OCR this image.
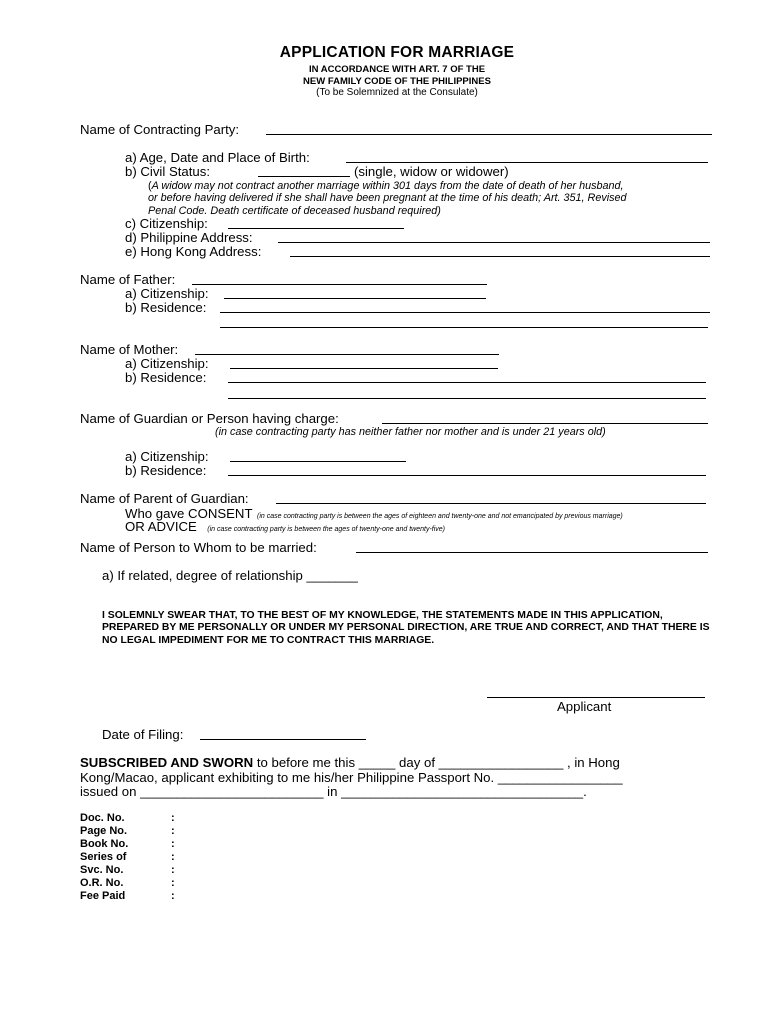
APPLICATION FOR MARRIAGE
IN ACCORDANCE WITH ART. 7 OF THE
NEW FAMILY CODE OF THE PHILIPPINES
(To be Solemnized at the Consulate)
Name of Contracting Party:
a) Age, Date and Place of Birth:
b) Civil Status:	(single, widow or widower)
(A widow may not contract another marriage within 301 days from the date of death of her husband,
or before having delivered if she shall have been pregnant at the time of his death; Art. 351, Revised
Penal Code. Death certificate of deceased husband required)
c) Citizenship:
d) Philippine Address:
e) Hong Kong Address:
Name of Father:
a) Citizenship:
b) Residence:
Name of Mother:
a) Citizenship:
b) Residence:
Name of Guardian or Person having charge:
(in case contracting party has neither father nor mother and is under 21 years old)
a) Citizenship:
b) Residence:
Name of Parent of Guardian:
Who gave CONSENT (in case contracting party is between the ages of eighteen and twenty-one and not emancipated by previous marriage)
OR ADVICE (in case contracting party is between the ages of twenty-one and twenty-five)
Name of Person to Whom to be married:
a) If related, degree of relationship _______
I SOLEMNLY SWEAR THAT, TO THE BEST OF MY KNOWLEDGE, THE STATEMENTS MADE IN THIS APPLICATION, PREPARED BY ME PERSONALLY OR UNDER MY PERSONAL DIRECTION, ARE TRUE AND CORRECT, AND THAT THERE IS NO LEGAL IMPEDIMENT FOR ME TO CONTRACT THIS MARRIAGE.
Applicant
Date of Filing:
SUBSCRIBED AND SWORN to before me this _____ day of _________________ , in Hong
Kong/Macao, applicant exhibiting to me his/her Philippine Passport No. _________________
issued on _________________________ in _________________________________.
Doc. No.
Page No.
Book No.
Series of
Svc. No.
O.R. No.
Fee Paid
:
:
:
:
:
:
:
